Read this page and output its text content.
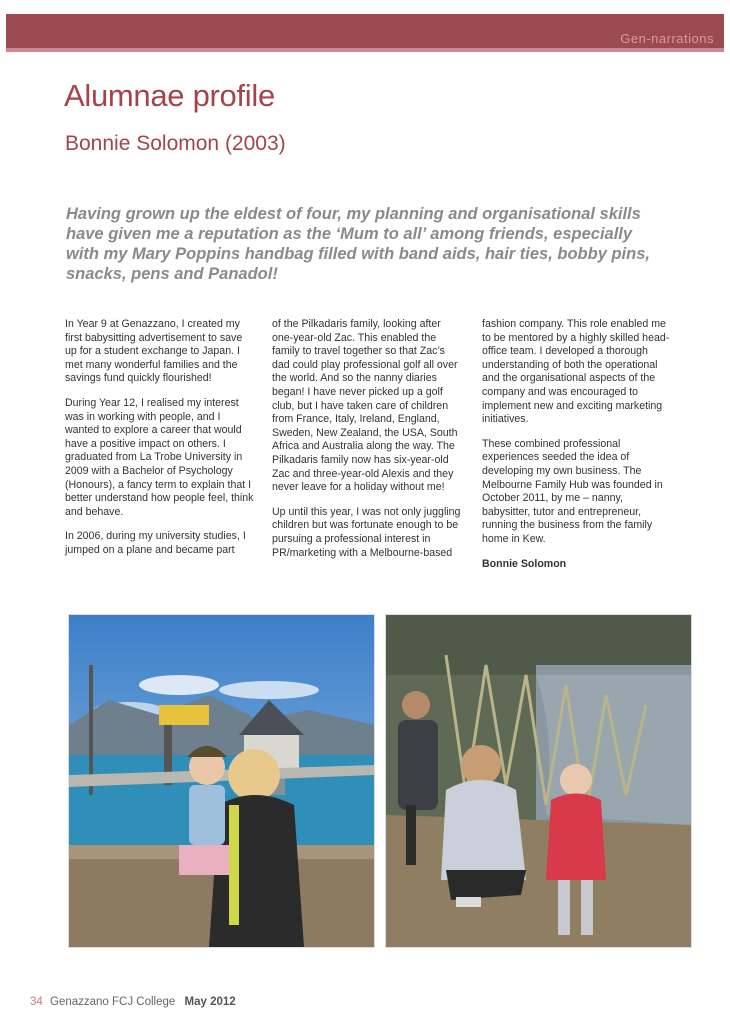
Gen-narrations
Alumnae profile
Bonnie Solomon (2003)

Having grown up the eldest of four, my planning and organisational skills have given me a reputation as the ‘Mum to all’ among friends, especially with my Mary Poppins handbag filled with band aids, hair ties, bobby pins, snacks, pens and Panadol!

In Year 9 at Genazzano, I created my first babysitting advertisement to save up for a student exchange to Japan. I met many wonderful families and the savings fund quickly flourished!

During Year 12, I realised my interest was in working with people, and I wanted to explore a career that would have a positive impact on others. I graduated from La Trobe University in 2009 with a Bachelor of Psychology (Honours), a fancy term to explain that I better understand how people feel, think and behave.

In 2006, during my university studies, I jumped on a plane and became part

of the Pilkadaris family, looking after one-year-old Zac. This enabled the family to travel together so that Zac’s dad could play professional golf all over the world. And so the nanny diaries began! I have never picked up a golf club, but I have taken care of children from France, Italy, Ireland, England, Sweden, New Zealand, the USA, South Africa and Australia along the way. The Pilkadaris family now has six-year-old Zac and three-year-old Alexis and they never leave for a holiday without me!

Up until this year, I was not only juggling children but was fortunate enough to be pursuing a professional interest in PR/marketing with a Melbourne-based

fashion company. This role enabled me to be mentored by a highly skilled head-office team. I developed a thorough understanding of both the operational and the organisational aspects of the company and was encouraged to implement new and exciting marketing initiatives.

These combined professional experiences seeded the idea of developing my own business. The Melbourne Family Hub was founded in October 2011, by me – nanny, babysitter, tutor and entrepreneur, running the business from the family home in Kew.

Bonnie Solomon

34 Genazzano FCJ College May 2012
